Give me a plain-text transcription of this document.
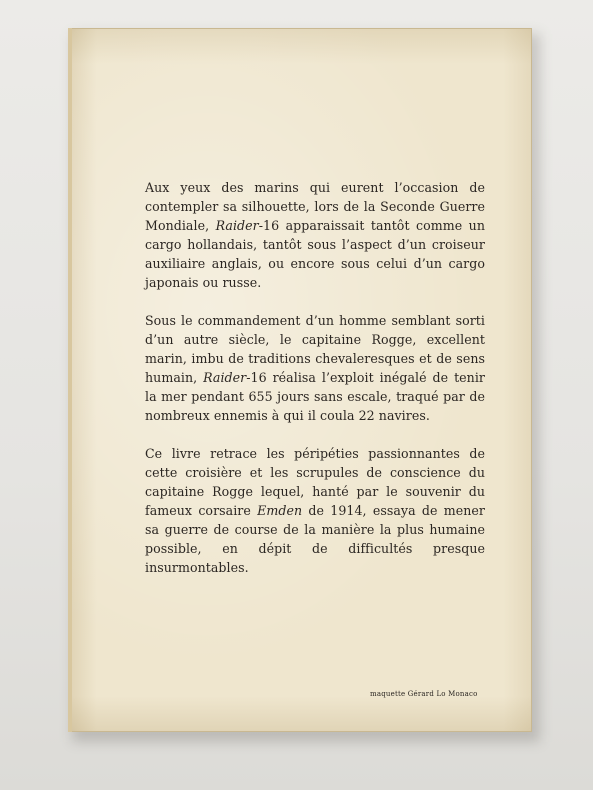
Aux yeux des marins qui eurent l’occasion de contempler sa silhouette, lors de la Seconde Guerre Mondiale, Raider-16 apparaissait tantôt comme un cargo hollandais, tantôt sous l’aspect d’un croiseur auxiliaire anglais, ou encore sous celui d’un cargo japonais ou russe.

Sous le commandement d’un homme semblant sorti d’un autre siècle, le capitaine Rogge, excellent marin, imbu de traditions chevaleresques et de sens humain, Raider-16 réalisa l’exploit inégalé de tenir la mer pendant 655 jours sans escale, traqué par de nombreux ennemis à qui il coula 22 navires.

Ce livre retrace les péripéties passionnantes de cette croisière et les scrupules de conscience du capitaine Rogge lequel, hanté par le souvenir du fameux corsaire Emden de 1914, essaya de mener sa guerre de course de la manière la plus humaine possible, en dépit de difficultés presque insurmontables.

maquette Gérard Lo Monaco
